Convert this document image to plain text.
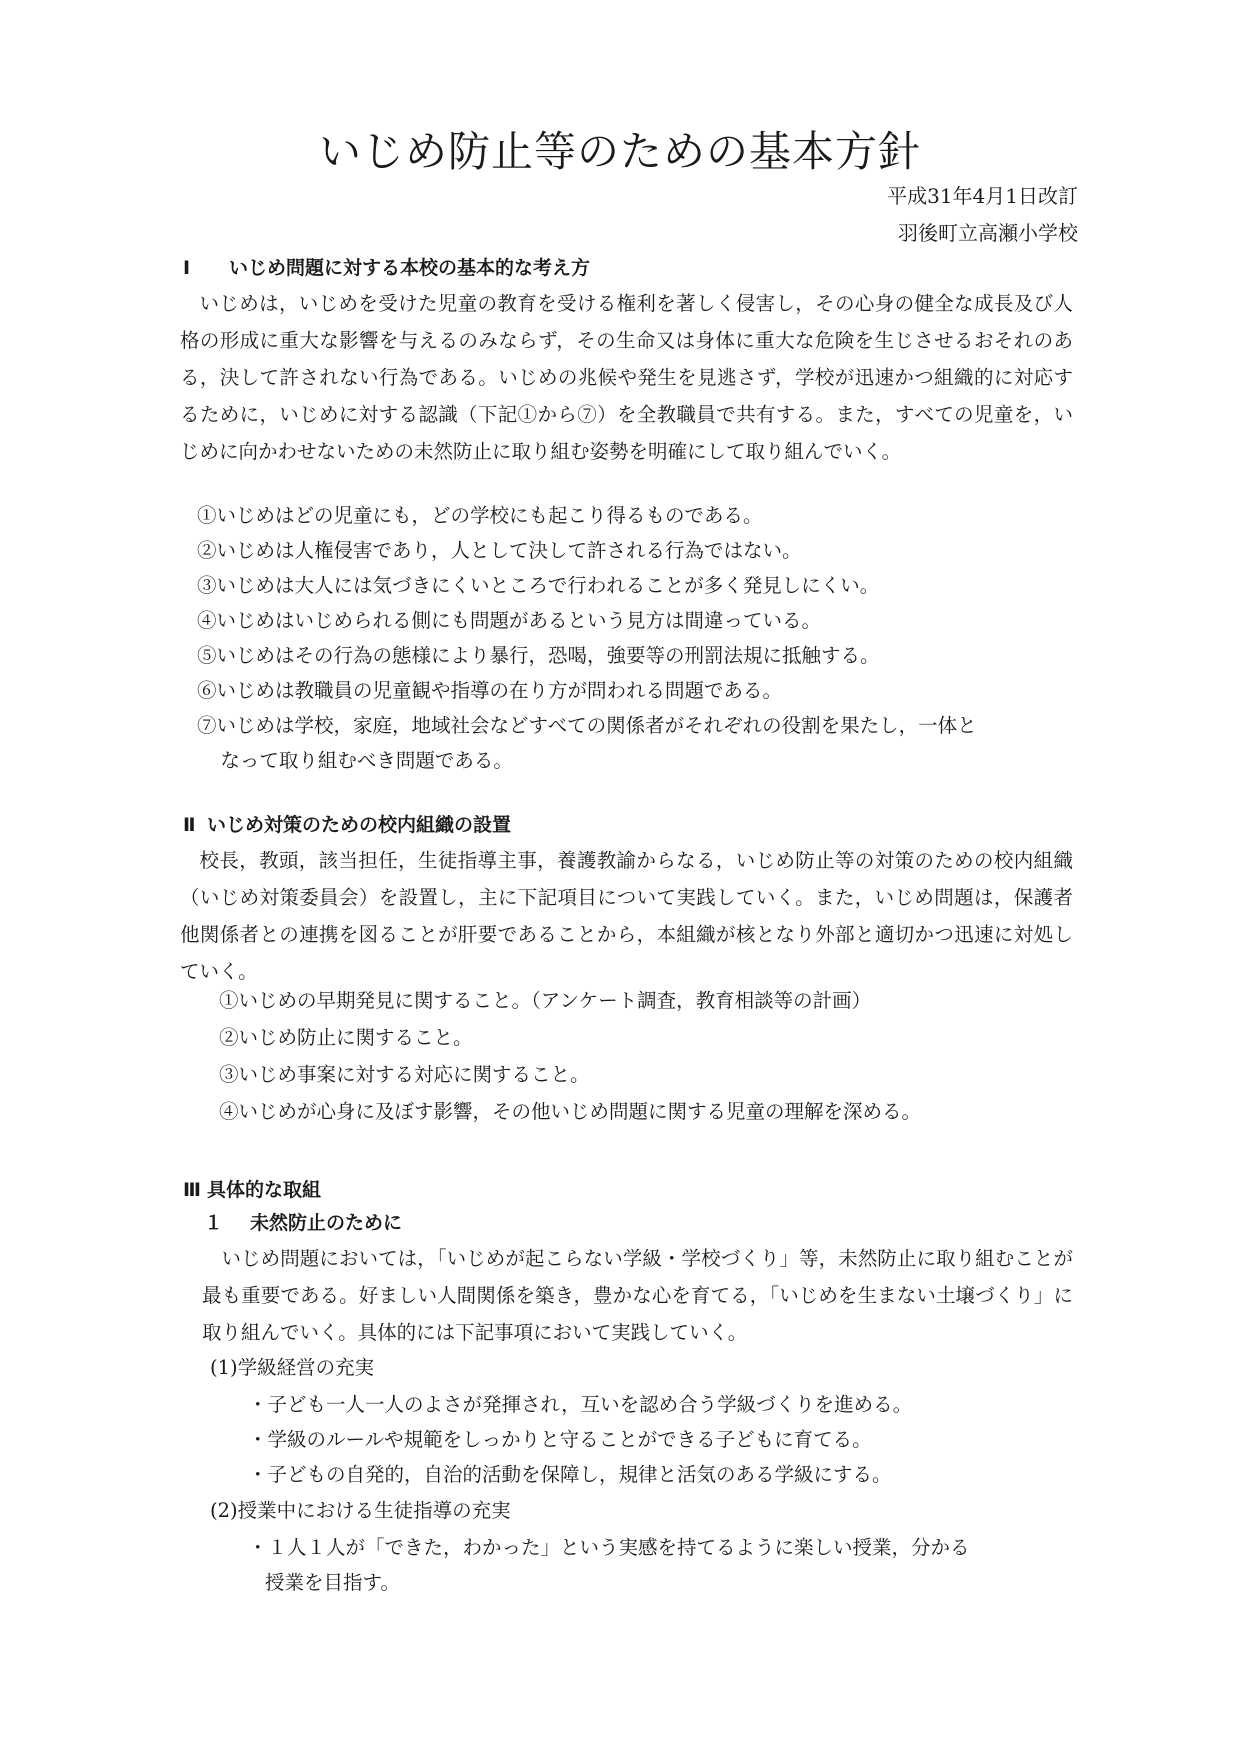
いじめ防止等のための基本方針
平成31年4月1日改訂
羽後町立高瀬小学校
Ⅰ いじめ問題に対する本校の基本的な考え方

いじめは，いじめを受けた児童の教育を受ける権利を著しく侵害し，その心身の健全な成長及び人格の形成に重大な影響を与えるのみならず，その生命又は身体に重大な危険を生じさせるおそれのある，決して許されない行為である。いじめの兆候や発生を見逃さず，学校が迅速かつ組織的に対応するために，いじめに対する認識（下記①から⑦）を全教職員で共有する。また，すべての児童を，いじめに向かわせないための未然防止に取り組む姿勢を明確にして取り組んでいく。

①いじめはどの児童にも，どの学校にも起こり得るものである。
②いじめは人権侵害であり，人として決して許される行為ではない。
③いじめは大人には気づきにくいところで行われることが多く発見しにくい。
④いじめはいじめられる側にも問題があるという見方は間違っている。
⑤いじめはその行為の態様により暴行，恐喝，強要等の刑罰法規に抵触する。
⑥いじめは教職員の児童観や指導の在り方が問われる問題である。
⑦いじめは学校，家庭，地域社会などすべての関係者がそれぞれの役割を果たし，一体と
なって取り組むべき問題である。
Ⅱ いじめ対策のための校内組織の設置

校長，教頭，該当担任，生徒指導主事，養護教諭からなる，いじめ防止等の対策のための校内組織（いじめ対策委員会）を設置し，主に下記項目について実践していく。また，いじめ問題は，保護者他関係者との連携を図ることが肝要であることから，本組織が核となり外部と適切かつ迅速に対処していく。

①いじめの早期発見に関すること。（アンケート調査，教育相談等の計画）
②いじめ防止に関すること。
③いじめ事案に対する対応に関すること。
④いじめが心身に及ぼす影響，その他いじめ問題に関する児童の理解を深める。
Ⅲ 具体的な取組
１ 未然防止のために

いじめ問題においては，「いじめが起こらない学級・学校づくり」等，未然防止に取り組むことが最も重要である。好ましい人間関係を築き，豊かな心を育てる，「いじめを生まない土壌づくり」に取り組んでいく。具体的には下記事項において実践していく。

(1)学級経営の充実
・子ども一人一人のよさが発揮され，互いを認め合う学級づくりを進める。
・学級のルールや規範をしっかりと守ることができる子どもに育てる。
・子どもの自発的，自治的活動を保障し，規律と活気のある学級にする。
(2)授業中における生徒指導の充実
・１人１人が「できた，わかった」という実感を持てるように楽しい授業，分かる
授業を目指す。
